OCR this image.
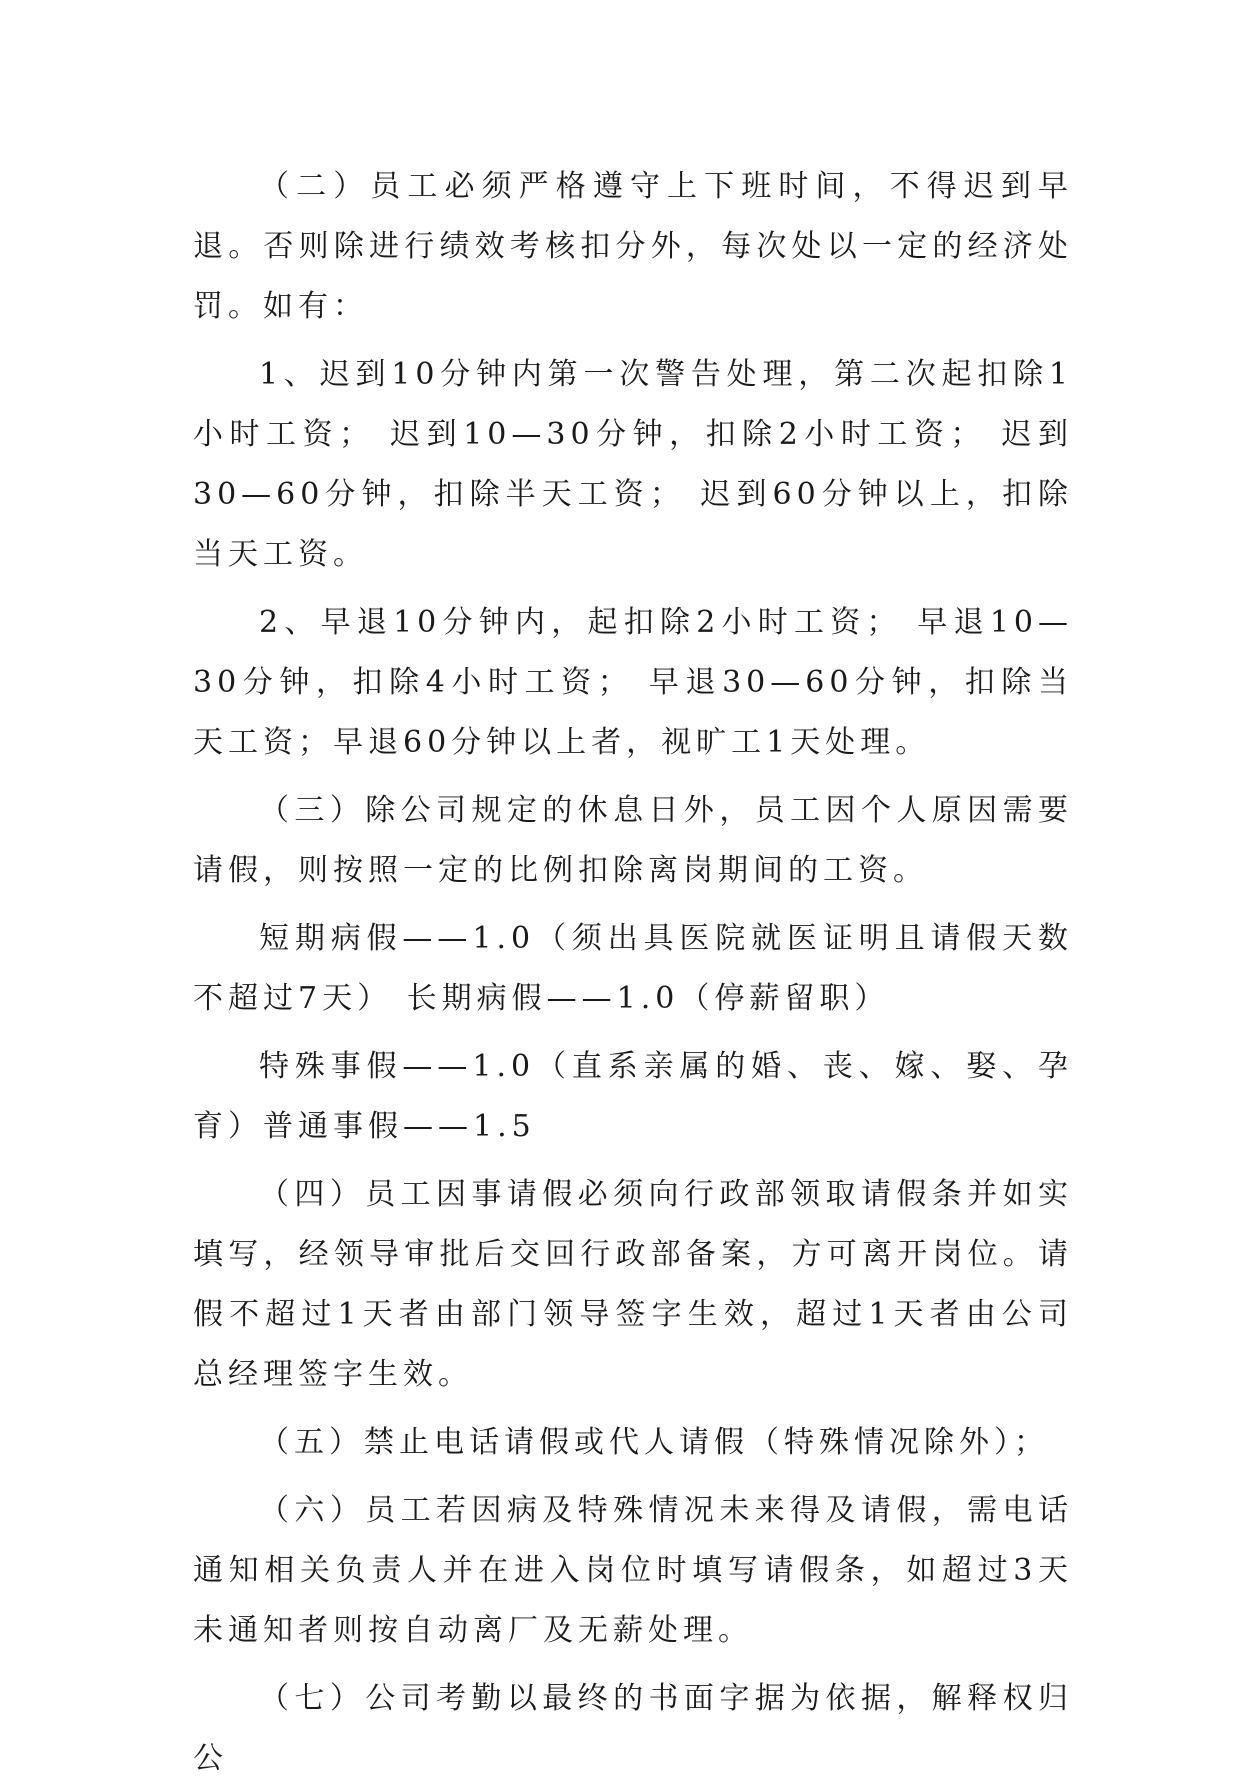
（二）员工必须严格遵守上下班时间，不得迟到早退。否则除进行绩效考核扣分外，每次处以一定的经济处罚。如有：

1、迟到10分钟内第一次警告处理，第二次起扣除1小时工资； 迟到10—30分钟，扣除2小时工资； 迟到30—60分钟，扣除半天工资； 迟到60分钟以上，扣除当天工资。

2、早退10分钟内，起扣除2小时工资； 早退10—30分钟，扣除4小时工资； 早退30—60分钟，扣除当天工资；早退60分钟以上者，视旷工1天处理。

（三）除公司规定的休息日外，员工因个人原因需要请假，则按照一定的比例扣除离岗期间的工资。

短期病假——1.0（须出具医院就医证明且请假天数不超过7天） 长期病假——1.0（停薪留职）

特殊事假——1.0（直系亲属的婚、丧、嫁、娶、孕育）普通事假——1.5

（四）员工因事请假必须向行政部领取请假条并如实填写，经领导审批后交回行政部备案，方可离开岗位。请假不超过1天者由部门领导签字生效，超过1天者由公司总经理签字生效。

（五）禁止电话请假或代人请假（特殊情况除外）；

（六）员工若因病及特殊情况未来得及请假，需电话通知相关负责人并在进入岗位时填写请假条，如超过3天未通知者则按自动离厂及无薪处理。

（七）公司考勤以最终的书面字据为依据，解释权归公
